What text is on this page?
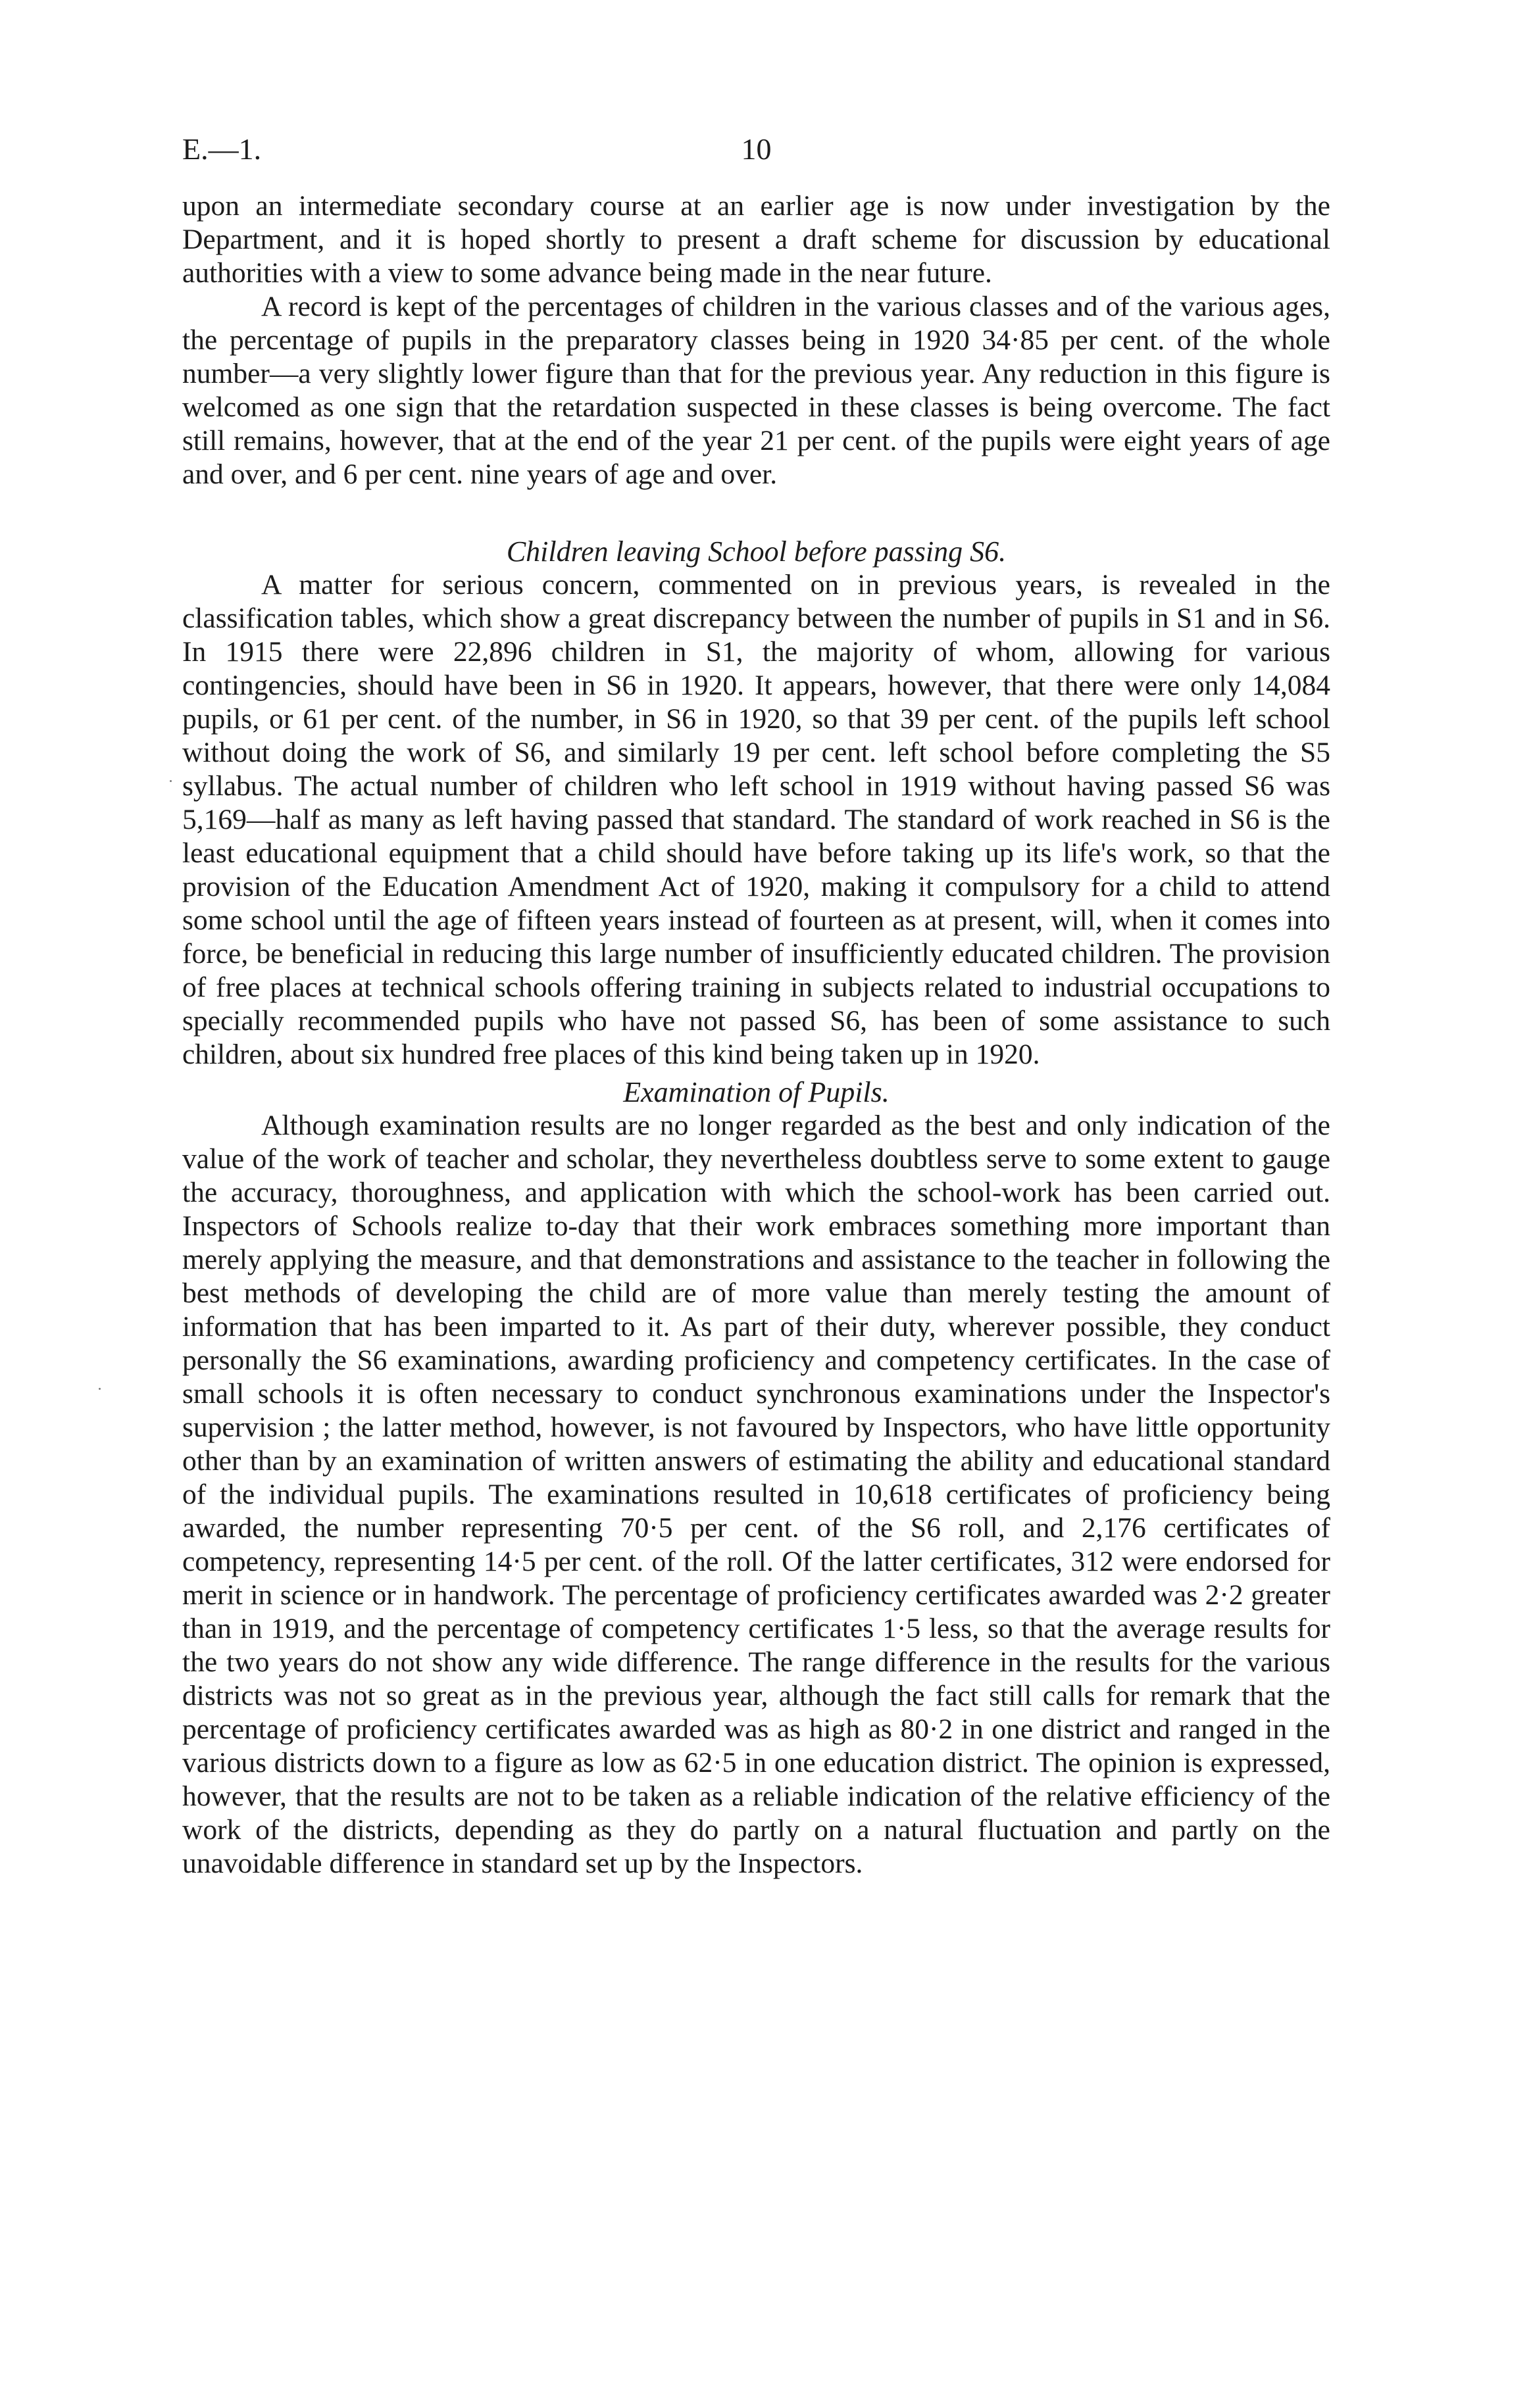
E.—1.	10

upon an intermediate secondary course at an earlier age is now under investigation by the Department, and it is hoped shortly to present a draft scheme for discussion by educational authorities with a view to some advance being made in the near future.

A record is kept of the percentages of children in the various classes and of the various ages, the percentage of pupils in the preparatory classes being in 1920 34·85 per cent. of the whole number—a very slightly lower figure than that for the previous year. Any reduction in this figure is welcomed as one sign that the retardation suspected in these classes is being overcome. The fact still remains, however, that at the end of the year 21 per cent. of the pupils were eight years of age and over, and 6 per cent. nine years of age and over.

Children leaving School before passing S6.

A matter for serious concern, commented on in previous years, is revealed in the classification tables, which show a great discrepancy between the number of pupils in S1 and in S6. In 1915 there were 22,896 children in S1, the majority of whom, allowing for various contingencies, should have been in S6 in 1920. It appears, however, that there were only 14,084 pupils, or 61 per cent. of the number, in S6 in 1920, so that 39 per cent. of the pupils left school without doing the work of S6, and similarly 19 per cent. left school before completing the S5 syllabus. The actual number of children who left school in 1919 without having passed S6 was 5,169—half as many as left having passed that standard. The standard of work reached in S6 is the least educational equipment that a child should have before taking up its life's work, so that the provision of the Education Amendment Act of 1920, making it compulsory for a child to attend some school until the age of fifteen years instead of fourteen as at present, will, when it comes into force, be beneficial in reducing this large number of insufficiently educated children. The provision of free places at technical schools offering training in subjects related to industrial occupations to specially recommended pupils who have not passed S6, has been of some assistance to such children, about six hundred free places of this kind being taken up in 1920.

Examination of Pupils.

Although examination results are no longer regarded as the best and only indication of the value of the work of teacher and scholar, they nevertheless doubtless serve to some extent to gauge the accuracy, thoroughness, and application with which the school-work has been carried out. Inspectors of Schools realize to-day that their work embraces something more important than merely applying the measure, and that demonstrations and assistance to the teacher in following the best methods of developing the child are of more value than merely testing the amount of information that has been imparted to it. As part of their duty, wherever possible, they conduct personally the S6 examinations, awarding proficiency and competency certificates. In the case of small schools it is often necessary to conduct synchronous examinations under the Inspector's supervision ; the latter method, however, is not favoured by Inspectors, who have little opportunity other than by an examination of written answers of estimating the ability and educational standard of the individual pupils. The examinations resulted in 10,618 certificates of proficiency being awarded, the number representing 70·5 per cent. of the S6 roll, and 2,176 certificates of competency, representing 14·5 per cent. of the roll. Of the latter certificates, 312 were endorsed for merit in science or in handwork. The percentage of proficiency certificates awarded was 2·2 greater than in 1919, and the percentage of competency certificates 1·5 less, so that the average results for the two years do not show any wide difference. The range difference in the results for the various districts was not so great as in the previous year, although the fact still calls for remark that the percentage of proficiency certificates awarded was as high as 80·2 in one district and ranged in the various districts down to a figure as low as 62·5 in one education district. The opinion is expressed, however, that the results are not to be taken as a reliable indication of the relative efficiency of the work of the districts, depending as they do partly on a natural fluctuation and partly on the unavoidable difference in standard set up by the Inspectors.
